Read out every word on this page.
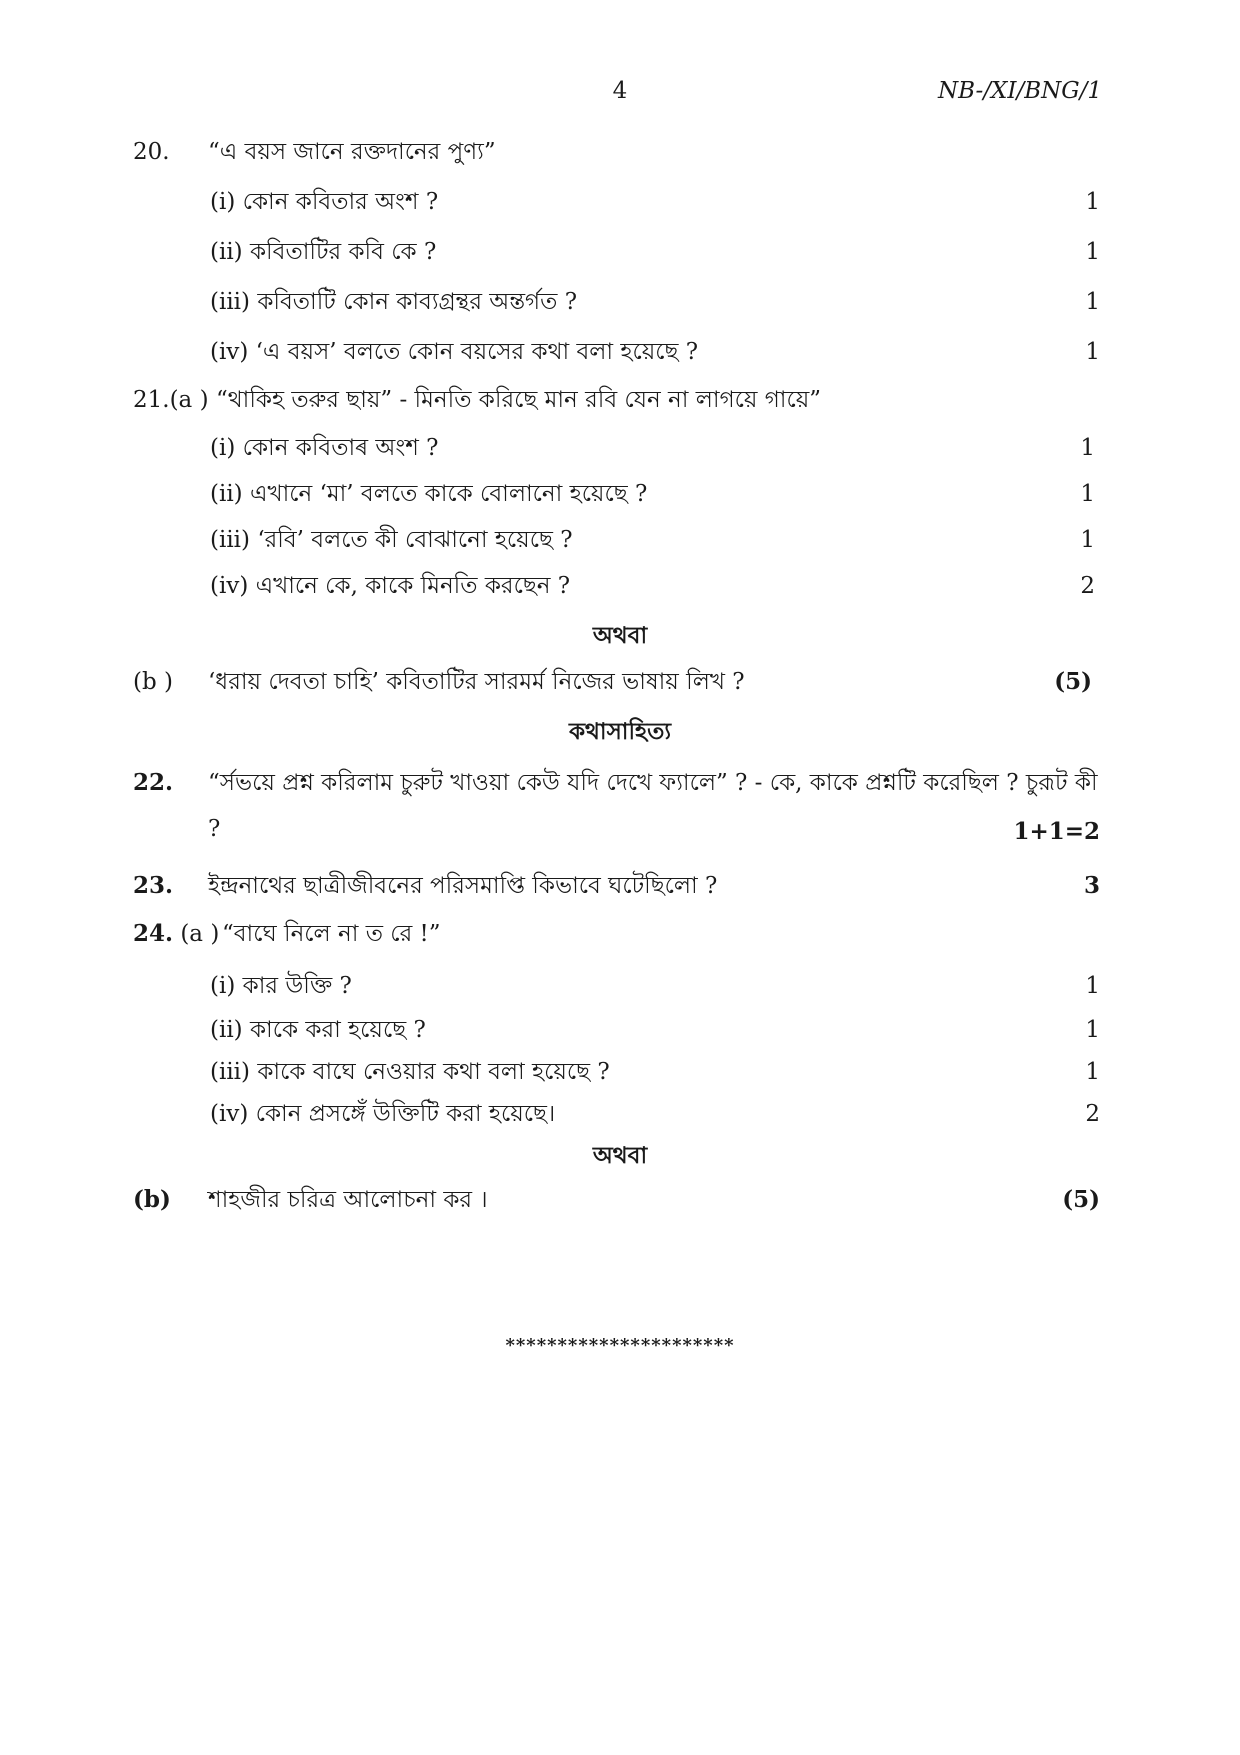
4	NB-/XI/BNG/1
20. “এ বয়স জানে রক্তদানের পুণ্য”
(i) কোন কবিতার অংশ ?	1
(ii) কবিতাটির কবি কে ?	1
(iii) কবিতাটি কোন কাব্যগ্রন্থর অন্তর্গত ?	1
(iv) ‘এ বয়স’ বলতে কোন বয়সের কথা বলা হয়েছে ?	1
21.(a ) “থাকিহ তরুর ছায়” - মিনতি করিছে মান রবি যেন না লাগয়ে গায়ে”
(i) কোন কবিতাৰ অংশ ?	1
(ii) এখানে ‘মা’ বলতে কাকে বোলানো হয়েছে ?	1
(iii) ‘রবি’ বলতে কী বোঝানো হয়েছে ?	1
(iv) এখানে কে, কাকে মিনতি করছেন ?	2
অথবা
(b ) ‘ধরায় দেবতা চাহি’ কবিতাটির সারমর্ম নিজের ভাষায় লিখ ?	(5)
কথাসাহিত্য
22. “র্সভয়ে প্রশ্ন করিলাম চুরুট খাওয়া কেউ যদি দেখে ফ্যালে” ? - কে, কাকে প্রশ্নটি করেছিল ? চুরূট কী ?	1+1=2
23. ইন্দ্রনাথের ছাত্রীজীবনের পরিসমাপ্তি কিভাবে ঘটেছিলো ?	3
24. (a ) “বাঘে নিলে না ত রে !”
(i) কার উক্তি ?	1
(ii) কাকে করা হয়েছে ?	1
(iii) কাকে বাঘে নেওয়ার কথা বলা হয়েছে ?	1
(iv) কোন প্রসঙ্গেঁ উক্তিটি করা হয়েছে।	2
অথবা
(b) শাহজীর চরিত্র আলোচনা কর ।	(5)
**********************
